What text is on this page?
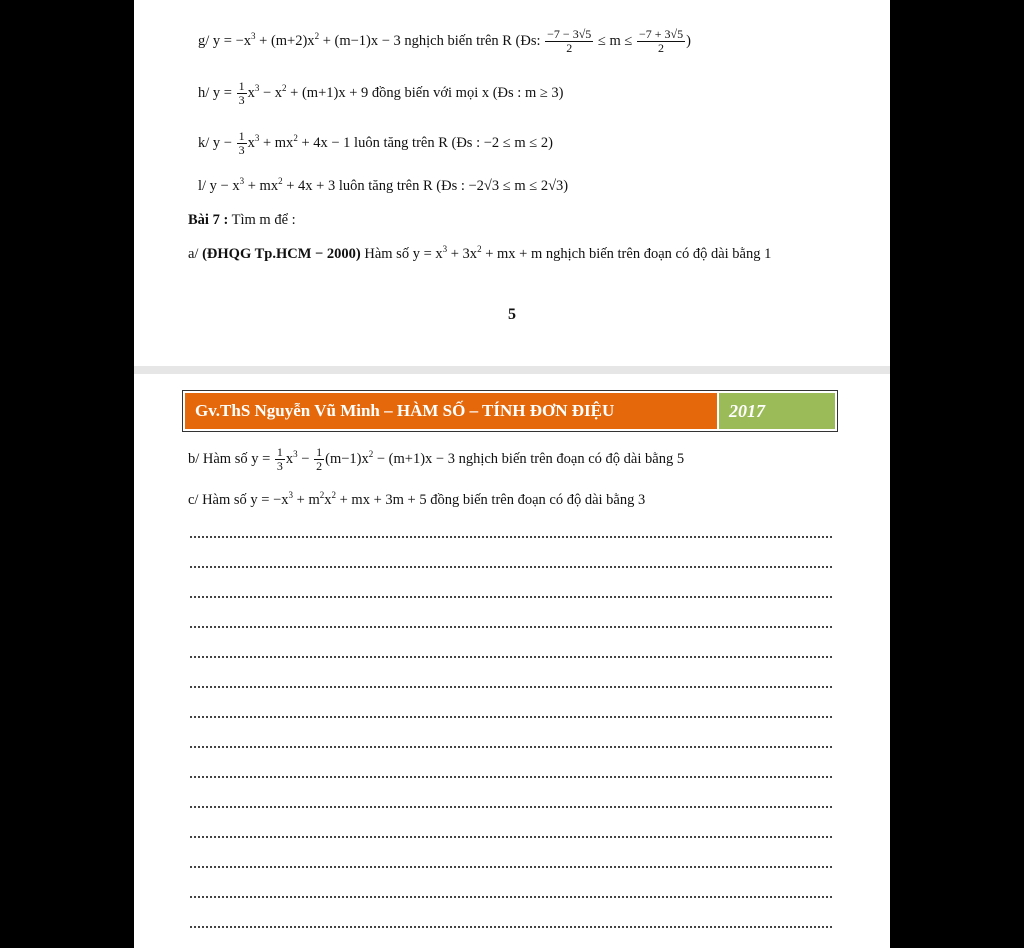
g/ $y = -x^3 + (m+2)x^2 + (m-1)x - 3$ nghịch biến trên R (Đs: $\frac{-7 - 3√5}{2} \le m \le \frac{-7 + 3√5}{2}$ )
h/ $y = \frac{1}{3} x^3 - x^2 + (m+1)x + 9$ đồng biến với mọi x (Đs : m ≥ 3)
k/ $y - \frac{1}{3} x^3 + mx^2 + 4x - 1$ luôn tăng trên R (Đs : −2 ≤ m ≤ 2)
l/ $y - x^3 + mx^2 + 4x + 3$ luôn tăng trên R (Đs : −2√3 ≤ m ≤ 2√3)
Bài 7 : Tìm m để :
a/ (ĐHQG Tp.HCM − 2000) Hàm số $y = x^3 + 3x^2$ + mx + m nghịch biến trên đoạn có độ dài bằng 1
5
Gv.ThS Nguyễn Vũ Minh – HÀM SỐ – TÍNH ĐƠN ĐIỆU	2017
b/ Hàm số $y = \frac{1}{3} x^3 - \frac{1}{2} (m-1)x^2 - (m+1)x - 3$ nghịch biến trên đoạn có độ dài bằng 5
c/ Hàm số $y = -x^3 + m^2x^2$ + mx + 3m + 5 đồng biến trên đoạn có độ dài bằng 3
